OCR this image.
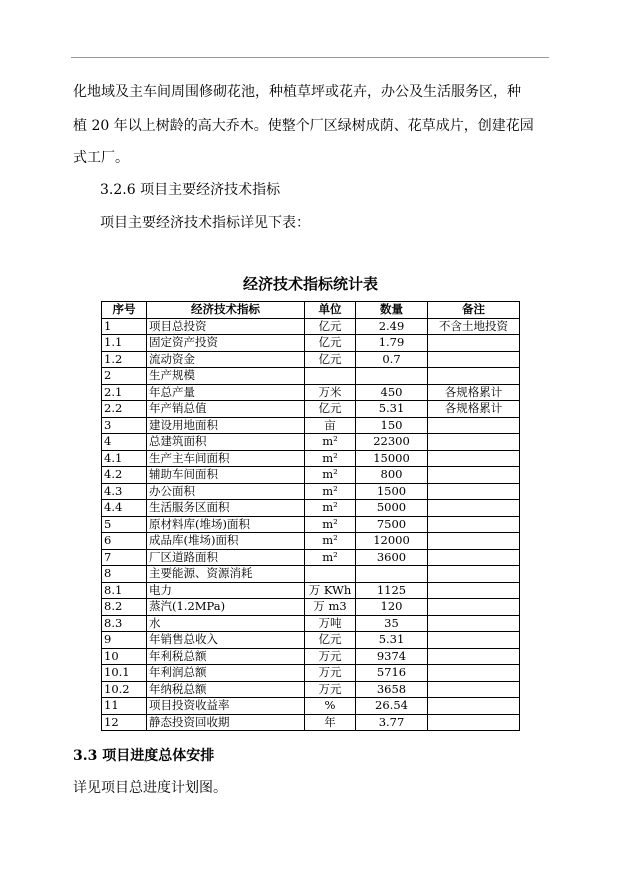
化地域及主车间周围修砌花池，种植草坪或花卉，办公及生活服务区，种
植 20 年以上树龄的高大乔木。使整个厂区绿树成荫、花草成片，创建花园
式工厂。
3.2.6 项目主要经济技术指标
项目主要经济技术指标详见下表：
经济技术指标统计表
序号	经济技术指标	单位	数量	备注
1	项目总投资	亿元	2.49	不含土地投资
1.1	固定资产投资	亿元	1.79	
1.2	流动资金	亿元	0.7	
2	生产规模			
2.1	年总产量	万米	450	各规格累计
2.2	年产销总值	亿元	5.31	各规格累计
3	建设用地面积	亩	150	
4	总建筑面积	m²	22300	
4.1	生产主车间面积	m²	15000	
4.2	辅助车间面积	m²	800	
4.3	办公面积	m²	1500	
4.4	生活服务区面积	m²	5000	
5	原材料库(堆场)面积	m²	7500	
6	成品库(堆场)面积	m²	12000	
7	厂区道路面积	m²	3600	
8	主要能源、资源消耗			
8.1	电力	万 KWh	1125	
8.2	蒸汽(1.2MPa)	万 m3	120	
8.3	水	万吨	35	
9	年销售总收入	亿元	5.31	
10	年利税总额	万元	9374	
10.1	年利润总额	万元	5716	
10.2	年纳税总额	万元	3658	
11	项目投资收益率	%	26.54	
12	静态投资回收期	年	3.77	
3.3 项目进度总体安排
详见项目总进度计划图。
